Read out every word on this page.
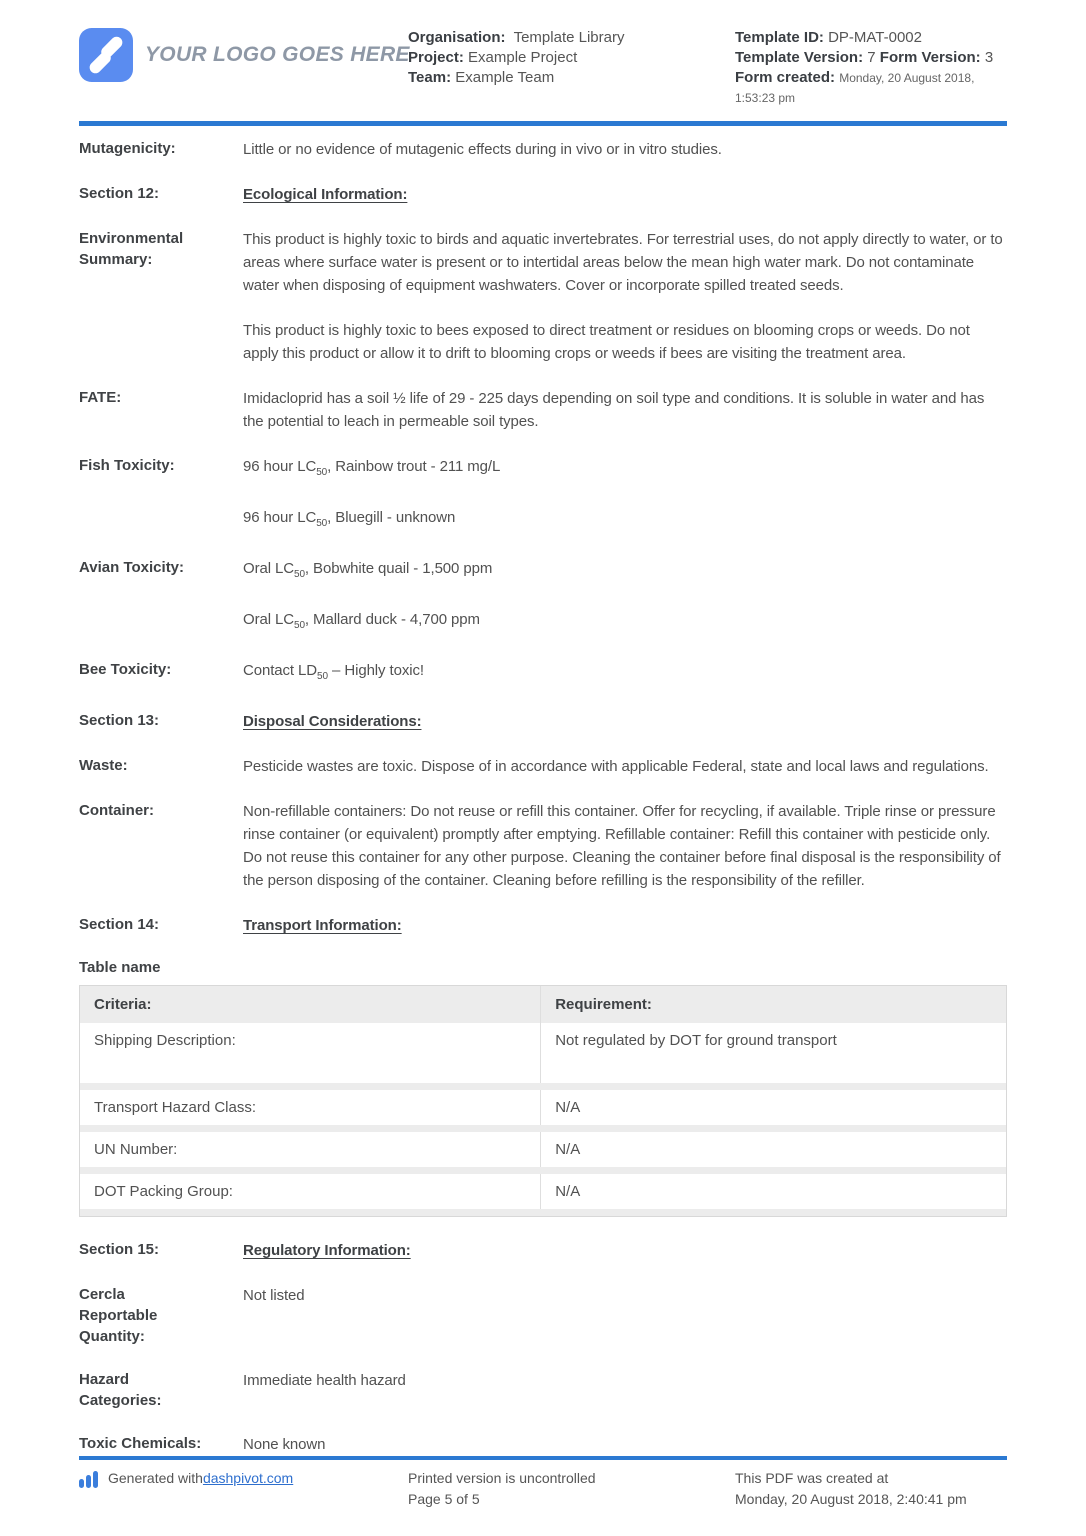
YOUR LOGO GOES HERE
Organisation: Template Library
Project: Example Project
Team: Example Team
Template ID: DP-MAT-0002
Template Version: 7 Form Version: 3
Form created: Monday, 20 August 2018, 1:53:23 pm
Mutagenicity:	Little or no evidence of mutagenic effects during in vivo or in vitro studies.

Section 12:	Ecological Information:
Environmental Summary:

This product is highly toxic to birds and aquatic invertebrates. For terrestrial uses, do not apply directly to water, or to areas where surface water is present or to intertidal areas below the mean high water mark. Do not contaminate water when disposing of equipment washwaters. Cover or incorporate spilled treated seeds.

This product is highly toxic to bees exposed to direct treatment or residues on blooming crops or weeds. Do not apply this product or allow it to drift to blooming crops or weeds if bees are visiting the treatment area.

FATE:	Imidacloprid has a soil ½ life of 29 - 225 days depending on soil type and conditions. It is soluble in water and has the potential to leach in permeable soil types.

Fish Toxicity:	96 hour $LC_{50}$, Rainbow trout - 211 mg/L

96 hour $LC_{50}$, Bluegill - unknown

Avian Toxicity:	Oral $LC_{50}$, Bobwhite quail - 1,500 ppm

Oral $LC_{50}$, Mallard duck - 4,700 ppm

Bee Toxicity:	Contact $LD_{50}$ – Highly toxic!

Section 13:	Disposal Considerations:
Waste:	Pesticide wastes are toxic. Dispose of in accordance with applicable Federal, state and local laws and regulations.

Container:	Non-refillable containers: Do not reuse or refill this container. Offer for recycling, if available. Triple rinse or pressure rinse container (or equivalent) promptly after emptying. Refillable container: Refill this container with pesticide only. Do not reuse this container for any other purpose. Cleaning the container before final disposal is the responsibility of the person disposing of the container. Cleaning before refilling is the responsibility of the refiller.

Section 14:	Transport Information:
Table name
Criteria:	Requirement:
Shipping Description:	Not regulated by DOT for ground transport
Transport Hazard Class:	N/A
UN Number:	N/A
DOT Packing Group:	N/A
Section 15:	Regulatory Information:
Cercla Reportable Quantity:

Not listed

Hazard Categories:

Immediate health hazard

Toxic Chemicals:	None known

Generated with dashpivot.com	Printed version is uncontrolled
Page 5 of 5
This PDF was created at
Monday, 20 August 2018, 2:40:41 pm
